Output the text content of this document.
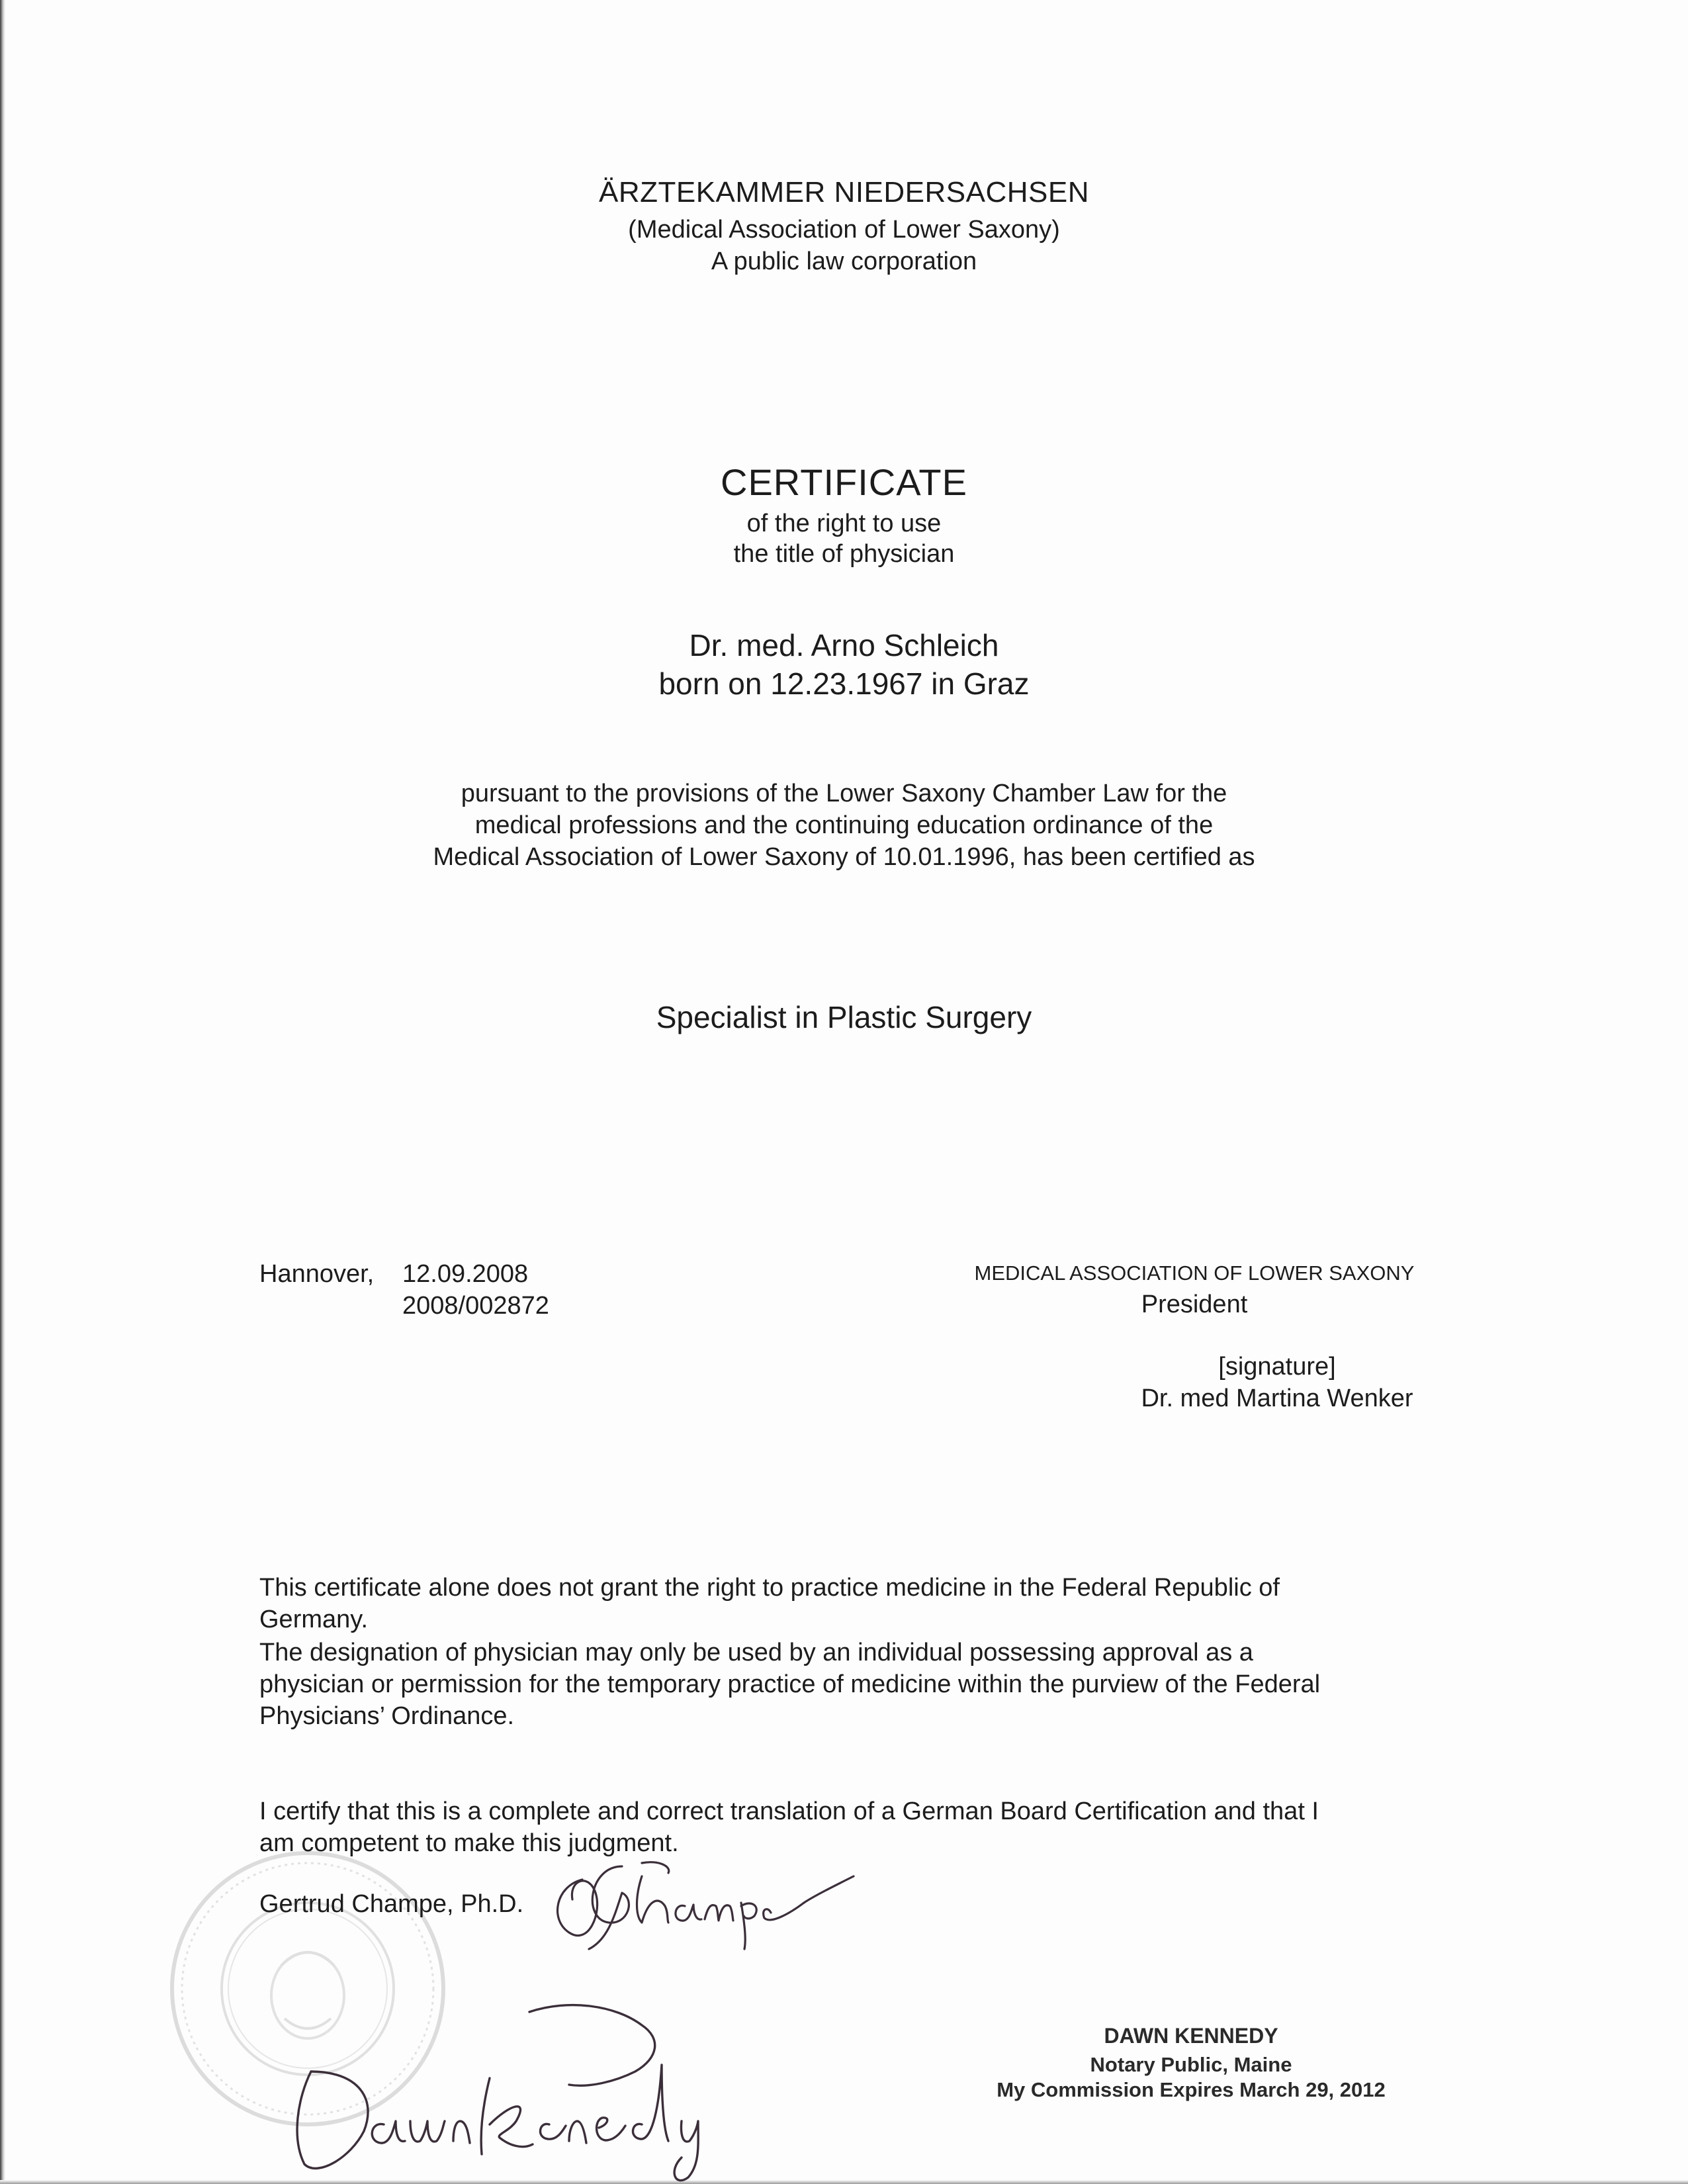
ÄRZTEKAMMER NIEDERSACHSEN

(Medical Association of Lower Saxony)

A public law corporation

CERTIFICATE

of the right to use

the title of physician

Dr. med. Arno Schleich

born on 12.23.1967 in Graz

pursuant to the provisions of the Lower Saxony Chamber Law for the

medical professions and the continuing education ordinance of the

Medical Association of Lower Saxony of 10.01.1996, has been certified as

Specialist in Plastic Surgery

Hannover, 12.09.2008

2008/002872

MEDICAL ASSOCIATION OF LOWER SAXONY

President

[signature]

Dr. med Martina Wenker

This certificate alone does not grant the right to practice medicine in the Federal Republic of

Germany.

The designation of physician may only be used by an individual possessing approval as a

physician or permission for the temporary practice of medicine within the purview of the Federal

Physicians’ Ordinance.

I certify that this is a complete and correct translation of a German Board Certification and that I

am competent to make this judgment.

Gertrud Champe, Ph.D.

DAWN KENNEDY

Notary Public, Maine

My Commission Expires March 29, 2012
